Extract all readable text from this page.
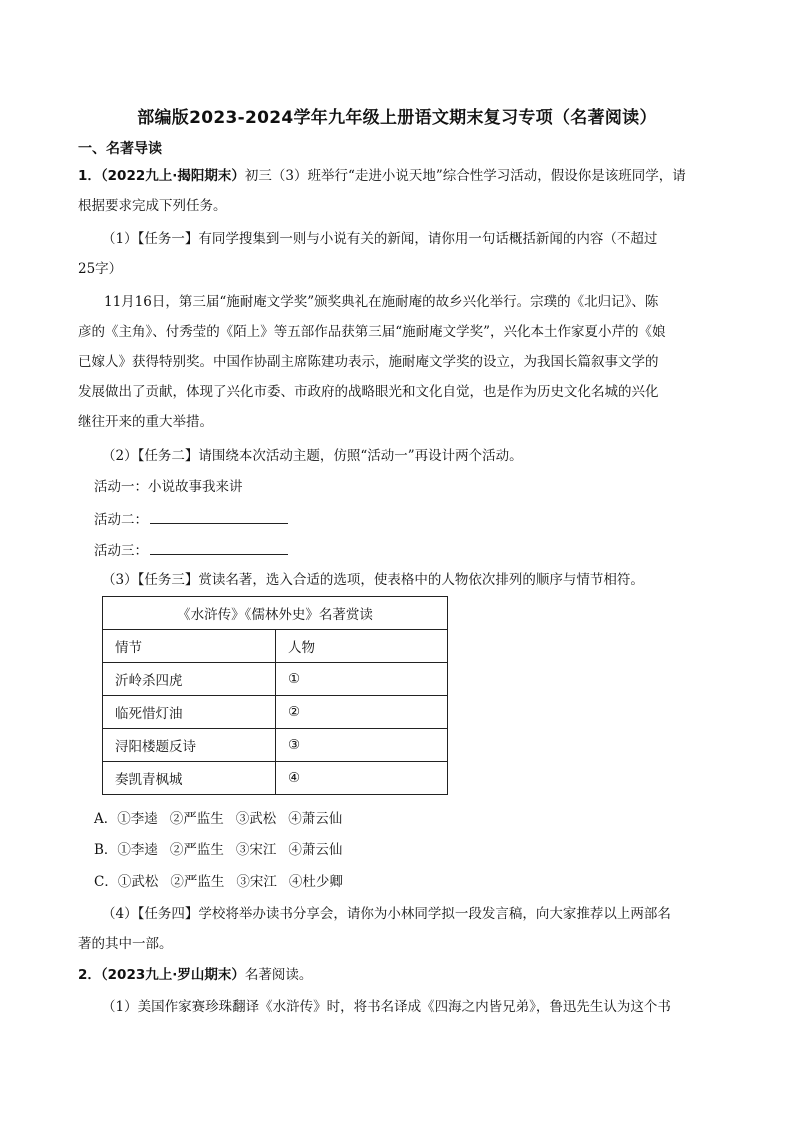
部编版2023-2024学年九年级上册语文期末复习专项（名著阅读）
一、名著导读
1．（2022九上·揭阳期末）初三（3）班举行“走进小说天地”综合性学习活动，假设你是该班同学，请
根据要求完成下列任务。
（1）【任务一】有同学搜集到一则与小说有关的新闻，请你用一句话概括新闻的内容（不超过
25字）
11月16日，第三届“施耐庵文学奖”颁奖典礼在施耐庵的故乡兴化举行。宗璞的《北归记》、陈
彦的《主角》、付秀莹的《陌上》等五部作品获第三届“施耐庵文学奖”，兴化本土作家夏小芹的《娘
已嫁人》获得特别奖。中国作协副主席陈建功表示，施耐庵文学奖的设立，为我国长篇叙事文学的
发展做出了贡献，体现了兴化市委、市政府的战略眼光和文化自觉，也是作为历史文化名城的兴化
继往开来的重大举措。
（2）【任务二】请围绕本次活动主题，仿照“活动一”再设计两个活动。
活动一：小说故事我来讲
活动二：
活动三：
（3）【任务三】赏读名著，选入合适的选项，使表格中的人物依次排列的顺序与情节相符。
《水浒传》《儒林外史》名著赏读	
情节	人物
沂岭杀四虎	①
临死惜灯油	②
浔阳楼题反诗	③
奏凯青枫城	④
A．①李逵 ②严监生 ③武松 ④萧云仙
B．①李逵 ②严监生 ③宋江 ④萧云仙
C．①武松 ②严监生 ③宋江 ④杜少卿
（4）【任务四】学校将举办读书分享会，请你为小林同学拟一段发言稿，向大家推荐以上两部名
著的其中一部。
2．（2023九上·罗山期末）名著阅读。
（1）美国作家赛珍珠翻译《水浒传》时，将书名译成《四海之内皆兄弟》，鲁迅先生认为这个书
